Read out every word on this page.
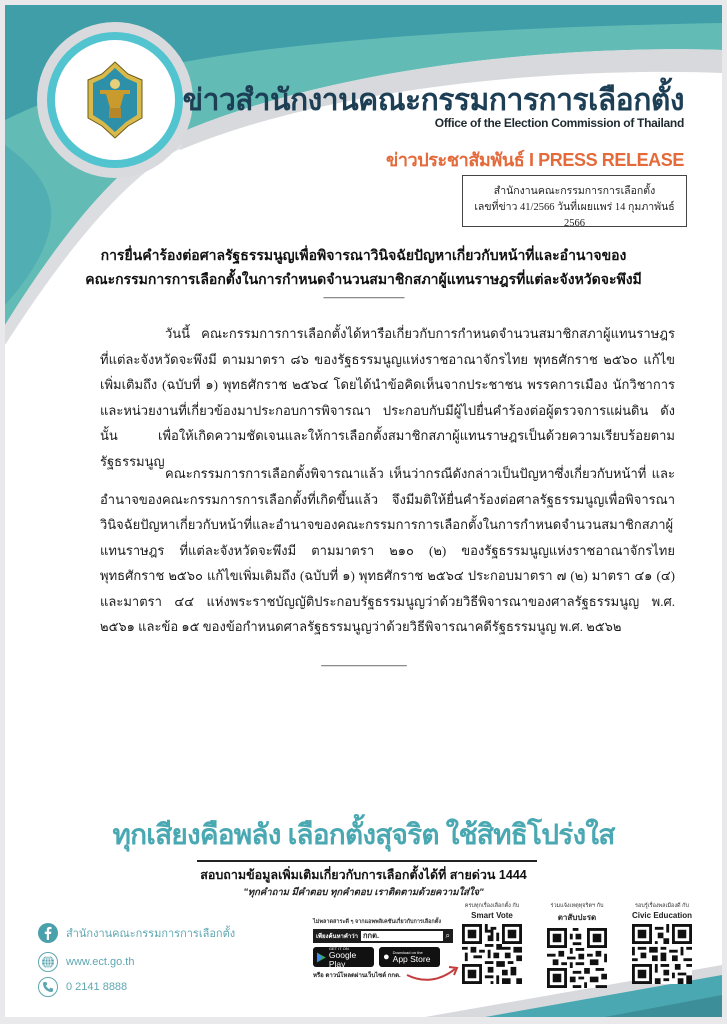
ข่าวสำนักงานคณะกรรมการการเลือกตั้ง
Office of the Election Commission of Thailand
ข่าวประชาสัมพันธ์ I PRESS RELEASE
สำนักงานคณะกรรมการการเลือกตั้ง
เลขที่ข่าว 41/2566 วันที่เผยแพร่ 14 กุมภาพันธ์ 2566
การยื่นคำร้องต่อศาลรัฐธรรมนูญเพื่อพิจารณาวินิจฉัยปัญหาเกี่ยวกับหน้าที่และอำนาจของ
คณะกรรมการการเลือกตั้งในการกำหนดจำนวนสมาชิกสภาผู้แทนราษฎรที่แต่ละจังหวัดจะพึงมี
------------------------------------
วันนี้ คณะกรรมการการเลือกตั้งได้หารือเกี่ยวกับการกำหนดจำนวนสมาชิกสภาผู้แทนราษฎร ที่แต่ละจังหวัดจะพึงมี ตามมาตรา ๘๖ ของรัฐธรรมนูญแห่งราชอาณาจักรไทย พุทธศักราช ๒๕๖๐ แก้ไขเพิ่มเติมถึง (ฉบับที่ ๑) พุทธศักราช ๒๕๖๔ โดยได้นำข้อคิดเห็นจากประชาชน พรรคการเมือง นักวิชาการ และหน่วยงานที่เกี่ยวข้องมาประกอบการพิจารณา ประกอบกับมีผู้ไปยื่นคำร้องต่อผู้ตรวจการแผ่นดิน ดังนั้น เพื่อให้เกิดความชัดเจนและให้การเลือกตั้งสมาชิกสภาผู้แทนราษฎรเป็นด้วยความเรียบร้อยตามรัฐธรรมนูญ
คณะกรรมการการเลือกตั้งพิจารณาแล้ว เห็นว่ากรณีดังกล่าวเป็นปัญหาซึ่งเกี่ยวกับหน้าที่ และอำนาจของคณะกรรมการการเลือกตั้งที่เกิดขึ้นแล้ว จึงมีมติให้ยื่นคำร้องต่อศาลรัฐธรรมนูญเพื่อพิจารณา วินิจฉัยปัญหาเกี่ยวกับหน้าที่และอำนาจของคณะกรรมการการเลือกตั้งในการกำหนดจำนวนสมาชิกสภาผู้แทนราษฎร ที่แต่ละจังหวัดจะพึงมี ตามมาตรา ๒๑๐ (๒) ของรัฐธรรมนูญแห่งราชอาณาจักรไทย พุทธศักราช ๒๕๖๐ แก้ไขเพิ่มเติมถึง (ฉบับที่ ๑) พุทธศักราช ๒๕๖๔ ประกอบมาตรา ๗ (๒) มาตรา ๔๑ (๔) และมาตรา ๔๔ แห่งพระราชบัญญัติประกอบรัฐธรรมนูญว่าด้วยวิธีพิจารณาของศาลรัฐธรรมนูญ พ.ศ. ๒๕๖๑ และข้อ ๑๕ ของข้อกำหนดศาลรัฐธรรมนูญว่าด้วยวิธีพิจารณาคดีรัฐธรรมนูญ พ.ศ. ๒๕๖๒
--------------------------------------
ทุกเสียงคือพลัง เลือกตั้งสุจริต ใช้สิทธิโปร่งใส
สอบถามข้อมูลเพิ่มเติมเกี่ยวกับการเลือกตั้งได้ที่ สายด่วน 1444
"ทุกคำถาม มีคำตอบ ทุกคำตอบ เราติดตามด้วยความใส่ใจ"
สำนักงานคณะกรรมการการเลือกตั้ง
www.ect.go.th
0 2141 8888
ไม่พลาดสาระดี ๆ จากแอพพลิเคชันเกี่ยวกับการเลือกตั้ง
เพียงค้นหาคำว่า กกต.	⌕
GET IT ON
Google Play
● Download on the
App Store
หรือ ดาวน์โหลดผ่านเว็บไซต์ กกต.
ครบทุกเรื่องเลือกตั้ง กับ
Smart Vote
ร่วมแจ้งเหตุทุจริตฯ กับ
ตาสับปะรด
รอบรู้เรื่องพลเมืองดี กับ
Civic Education
